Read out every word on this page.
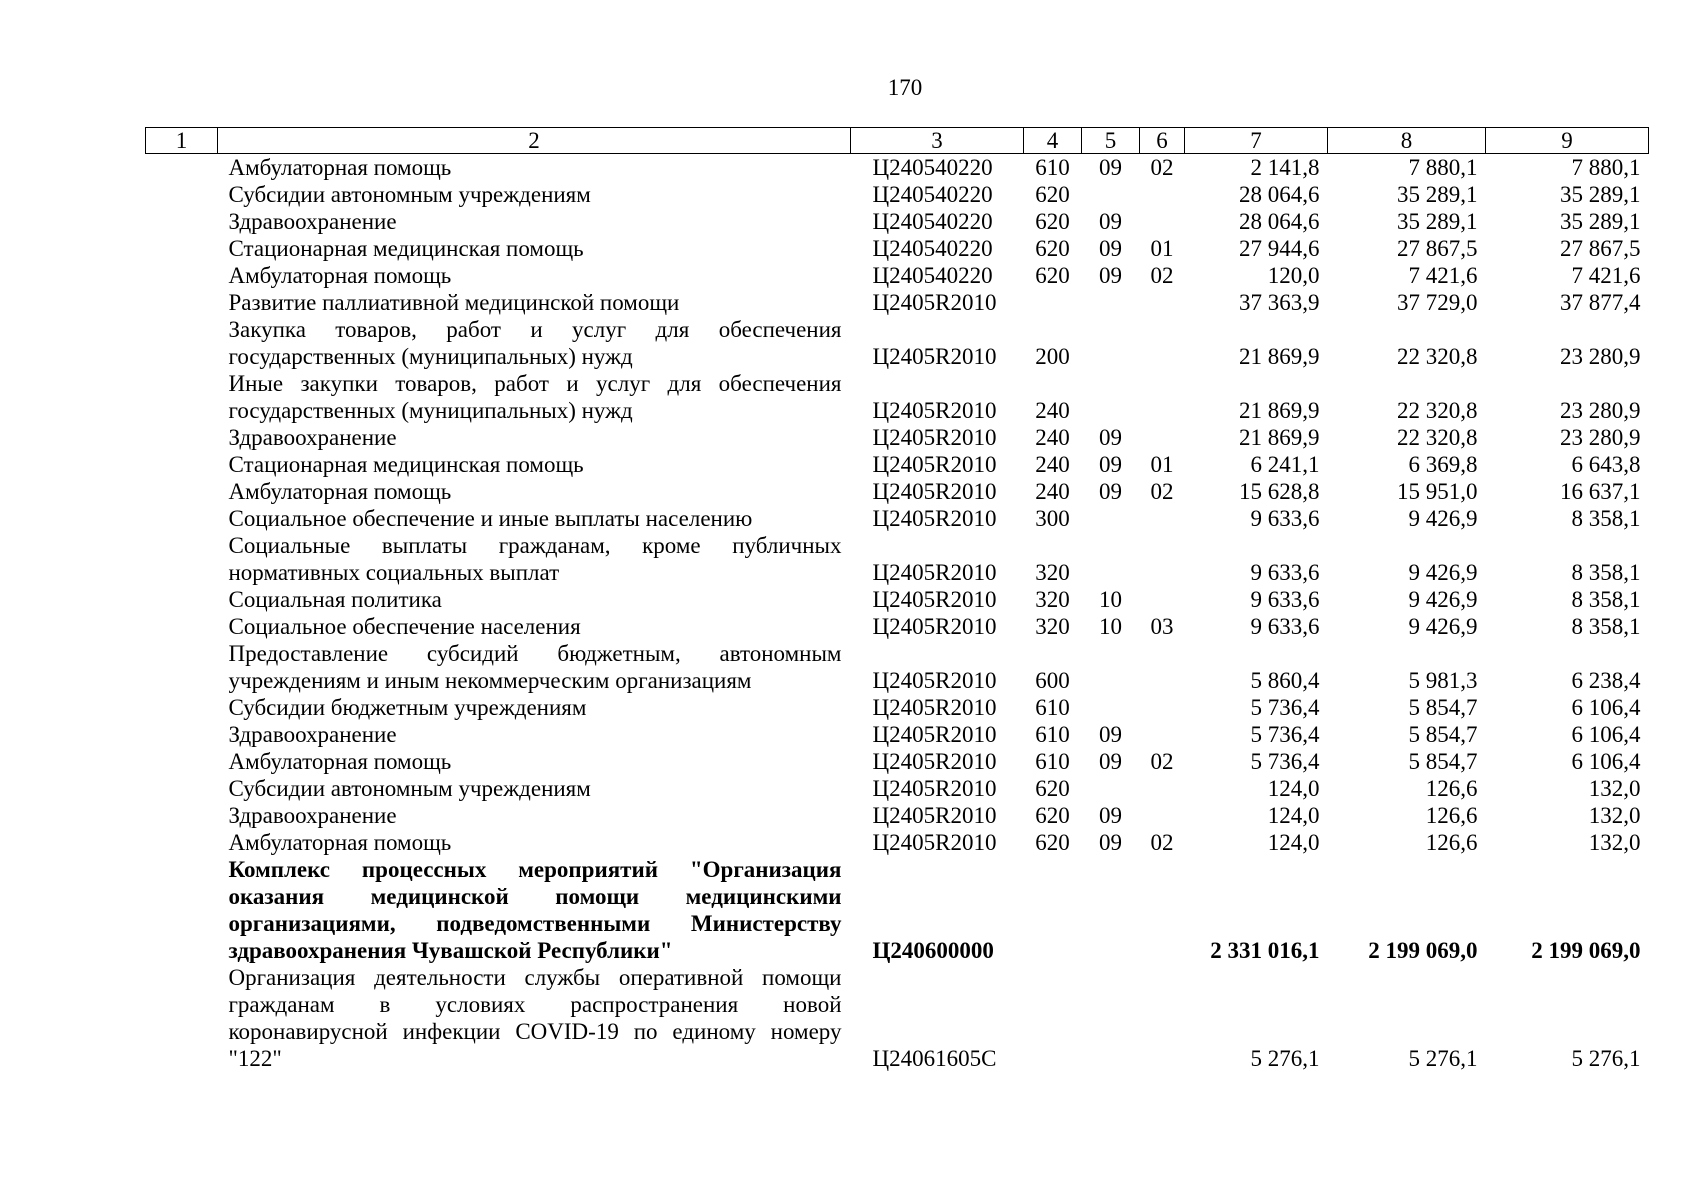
170
1	2	3	4	5	6	7	8	9
	Амбулаторная помощь	Ц240540220	610	09	02	2 141,8	7 880,1	7 880,1
	Субсидии автономным учреждениям	Ц240540220	620			28 064,6	35 289,1	35 289,1
	Здравоохранение	Ц240540220	620	09		28 064,6	35 289,1	35 289,1
	Стационарная медицинская помощь	Ц240540220	620	09	01	27 944,6	27 867,5	27 867,5
	Амбулаторная помощь	Ц240540220	620	09	02	120,0	7 421,6	7 421,6
	Развитие паллиативной медицинской помощи	Ц2405R2010				37 363,9	37 729,0	37 877,4
	Закупка товаров, работ и услуг для обеспечения государственных (муниципальных) нужд	Ц2405R2010	200			21 869,9	22 320,8	23 280,9
	Иные закупки товаров, работ и услуг для обеспечения государственных (муниципальных) нужд	Ц2405R2010	240			21 869,9	22 320,8	23 280,9
	Здравоохранение	Ц2405R2010	240	09		21 869,9	22 320,8	23 280,9
	Стационарная медицинская помощь	Ц2405R2010	240	09	01	6 241,1	6 369,8	6 643,8
	Амбулаторная помощь	Ц2405R2010	240	09	02	15 628,8	15 951,0	16 637,1
	Социальное обеспечение и иные выплаты населению	Ц2405R2010	300			9 633,6	9 426,9	8 358,1
	Социальные выплаты гражданам, кроме публичных нормативных социальных выплат	Ц2405R2010	320			9 633,6	9 426,9	8 358,1
	Социальная политика	Ц2405R2010	320	10		9 633,6	9 426,9	8 358,1
	Социальное обеспечение населения	Ц2405R2010	320	10	03	9 633,6	9 426,9	8 358,1
	Предоставление субсидий бюджетным, автономным учреждениям и иным некоммерческим организациям	Ц2405R2010	600			5 860,4	5 981,3	6 238,4
	Субсидии бюджетным учреждениям	Ц2405R2010	610			5 736,4	5 854,7	6 106,4
	Здравоохранение	Ц2405R2010	610	09		5 736,4	5 854,7	6 106,4
	Амбулаторная помощь	Ц2405R2010	610	09	02	5 736,4	5 854,7	6 106,4
	Субсидии автономным учреждениям	Ц2405R2010	620			124,0	126,6	132,0
	Здравоохранение	Ц2405R2010	620	09		124,0	126,6	132,0
	Амбулаторная помощь	Ц2405R2010	620	09	02	124,0	126,6	132,0
	Комплекс процессных мероприятий "Организация оказания медицинской помощи медицинскими организациями, подведомственными Министерству здравоохранения Чувашской Республики"	Ц240600000				2 331 016,1	2 199 069,0	2 199 069,0
	Организация деятельности службы оперативной помощи гражданам в условиях распространения новой коронавирусной инфекции COVID-19 по единому номеру "122"	Ц24061605С				5 276,1	5 276,1	5 276,1
